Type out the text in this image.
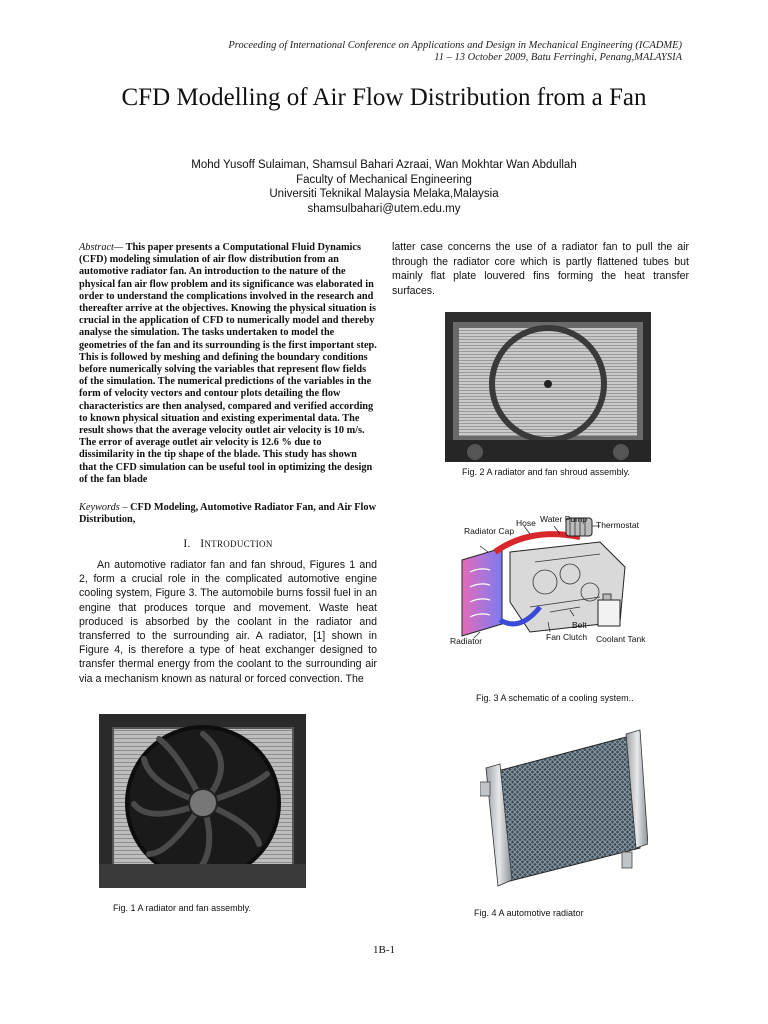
Proceeding of International Conference on Applications and Design in Mechanical Engineering (ICADME)
11 – 13 October 2009, Batu Ferringhi, Penang,MALAYSIA
CFD Modelling of Air Flow Distribution from a Fan
Mohd Yusoff Sulaiman, Shamsul Bahari Azraai, Wan Mokhtar Wan Abdullah
Faculty of Mechanical Engineering
Universiti Teknikal Malaysia Melaka,Malaysia
shamsulbahari@utem.edu.my
Abstract— This paper presents a Computational Fluid Dynamics (CFD) modeling simulation of air flow distribution from an automotive radiator fan. An introduction to the nature of the physical fan air flow problem and its significance was elaborated in order to understand the complications involved in the research and thereafter arrive at the objectives. Knowing the physical situation is crucial in the application of CFD to numerically model and thereby analyse the simulation. The tasks undertaken to model the geometries of the fan and its surrounding is the first important step. This is followed by meshing and defining the boundary conditions before numerically solving the variables that represent flow fields of the simulation. The numerical predictions of the variables in the form of velocity vectors and contour plots detailing the flow characteristics are then analysed, compared and verified according to known physical situation and existing experimental data. The result shows that the average velocity outlet air velocity is 10 m/s. The error of average outlet air velocity is 12.6 % due to dissimilarity in the tip shape of the blade. This study has shown that the CFD simulation can be useful tool in optimizing the design of the fan blade
Keywords – CFD Modeling, Automotive Radiator Fan, and Air Flow Distribution,
I. INTRODUCTION
An automotive radiator fan and fan shroud, Figures 1 and 2, form a crucial role in the complicated automotive engine cooling system, Figure 3. The automobile burns fossil fuel in an engine that produces torque and movement. Waste heat produced is absorbed by the coolant in the radiator and transferred to the surrounding air. A radiator, [1] shown in Figure 4, is therefore a type of heat exchanger designed to transfer thermal energy from the coolant to the surrounding air via a mechanism known as natural or forced convection. The
latter case concerns the use of a radiator fan to pull the air through the radiator core which is partly flattened tubes but mainly flat plate louvered fins forming the heat transfer surfaces.
Fig. 1 A radiator and fan assembly.
Fig. 2 A radiator and fan shroud assembly.
Radiator Cap
Hose Water Pump
Thermostat
Belt
Radiator	Fan Clutch Coolant Tank
Fig. 3 A schematic of a cooling system..
Fig. 4 A automotive radiator
1B-1
